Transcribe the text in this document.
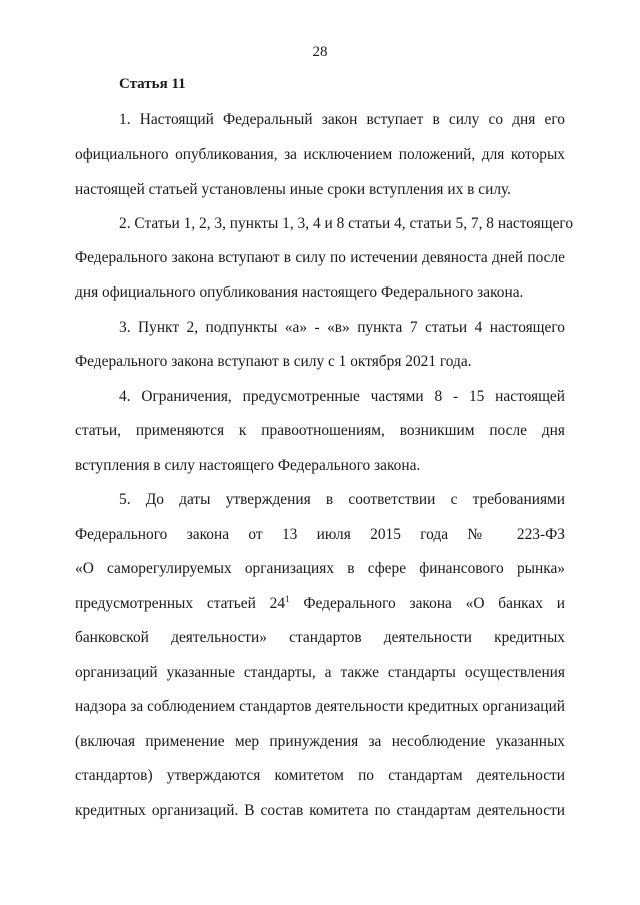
28
Статья 11
1. Настоящий Федеральный закон вступает в силу со дня его
официального опубликования, за исключением положений, для которых
настоящей статьей установлены иные сроки вступления их в силу.
2. Статьи 1, 2, 3, пункты 1, 3, 4 и 8 статьи 4, статьи 5, 7, 8 настоящего
Федерального закона вступают в силу по истечении девяноста дней после
дня официального опубликования настоящего Федерального закона.
3. Пункт 2, подпункты «а» - «в» пункта 7 статьи 4 настоящего
Федерального закона вступают в силу с 1 октября 2021 года.
4. Ограничения, предусмотренные частями 8 - 15 настоящей
статьи, применяются к правоотношениям, возникшим после дня
вступления в силу настоящего Федерального закона.
5. До даты утверждения в соответствии с требованиями
Федерального закона от 13 июля 2015 года № 223-ФЗ
«О саморегулируемых организациях в сфере финансового рынка»
предусмотренных статьей $24^1$ Федерального закона «О банках и
банковской деятельности» стандартов деятельности кредитных
организаций указанные стандарты, а также стандарты осуществления
надзора за соблюдением стандартов деятельности кредитных организаций
(включая применение мер принуждения за несоблюдение указанных
стандартов) утверждаются комитетом по стандартам деятельности
кредитных организаций. В состав комитета по стандартам деятельности
